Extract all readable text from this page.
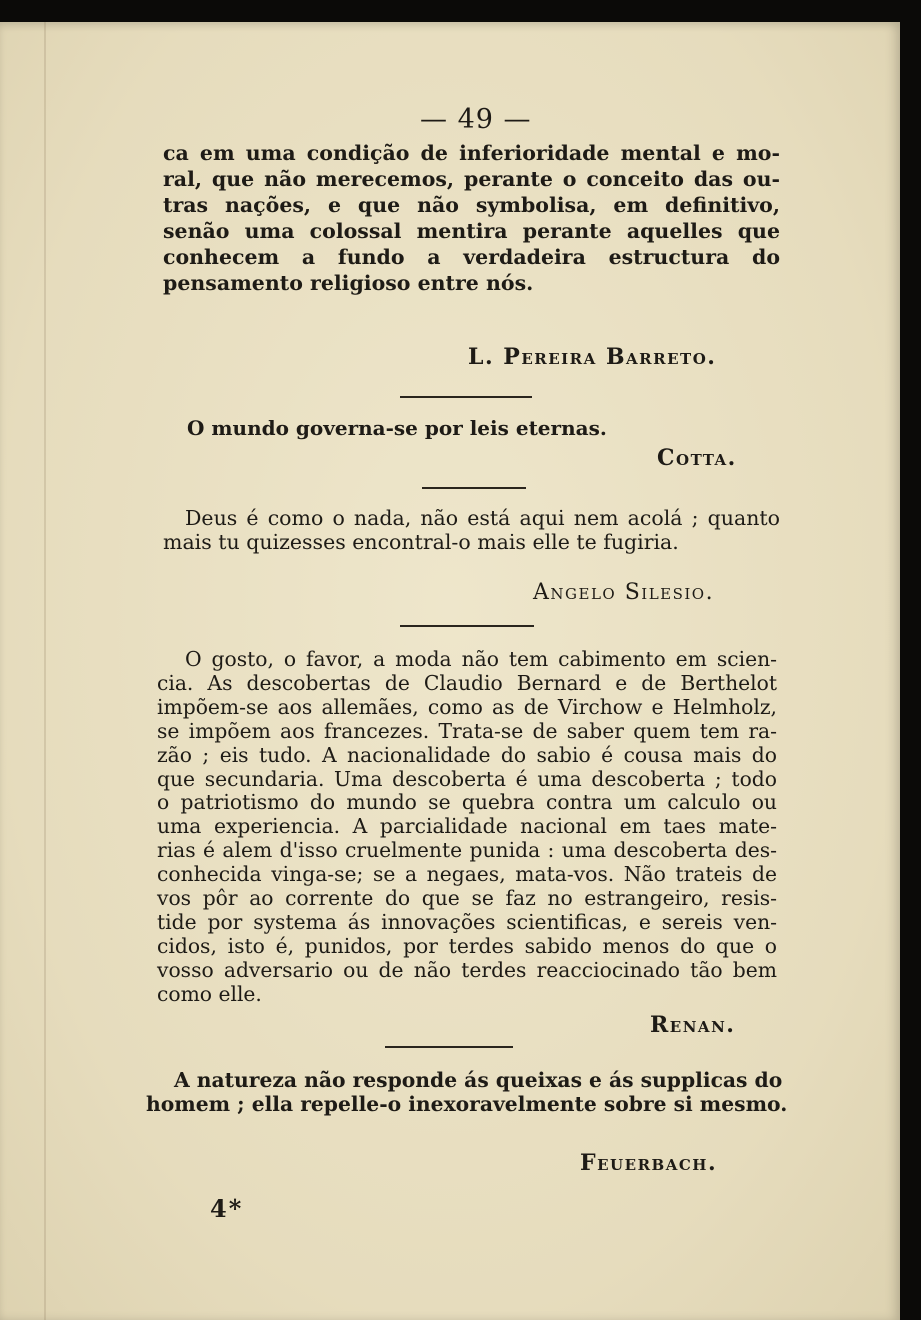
— 49 —
ca em uma condição de inferioridade mental e mo-
ral, que não merecemos, perante o conceito das ou-
tras nações, e que não symbolisa, em definitivo,
senão uma colossal mentira perante aquelles que
conhecem a fundo a verdadeira estructura do
pensamento religioso entre nós.
L. Pereira Barreto.
O mundo governa-se por leis eternas.
Cotta.
Deus é como o nada, não está aqui nem acolá ; quanto
mais tu quizesses encontral-o mais elle te fugiria.
Angelo Silesio.
O gosto, o favor, a moda não tem cabimento em scien-
cia. As descobertas de Claudio Bernard e de Berthelot
impõem-se aos allemães, como as de Virchow e Helmholz,
se impõem aos francezes. Trata-se de saber quem tem ra-
zão ; eis tudo. A nacionalidade do sabio é cousa mais do
que secundaria. Uma descoberta é uma descoberta ; todo
o patriotismo do mundo se quebra contra um calculo ou
uma experiencia. A parcialidade nacional em taes mate-
rias é alem d'isso cruelmente punida : uma descoberta des-
conhecida vinga-se; se a negaes, mata-vos. Não trateis de
vos pôr ao corrente do que se faz no estrangeiro, resis-
tide por systema ás innovações scientificas, e sereis ven-
cidos, isto é, punidos, por terdes sabido menos do que o
vosso adversario ou de não terdes reacciocinado tão bem
como elle.
Renan.
A natureza não responde ás queixas e ás supplicas do
homem ; ella repelle-o inexoravelmente sobre si mesmo.
Feuerbach.
4*
